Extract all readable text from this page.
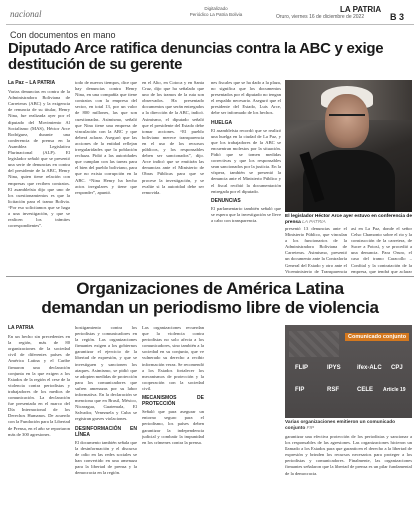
nacional
Digitalizado
Periódico La Patria Bolivia
LA PATRIA
Oruro, viernes 16 de diciembre de 2022	B 3
Con documentos en mano
Diputado Arce ratifica denuncias contra la ABC y exige destitución de su gerente
La Paz – LA PATRIA

Varias denuncias en contra de la Administradora Boliviana de Carreteras (ABC) y la exigencia de renuncia de su titular, Henry Nina, fue realizada ayer por el diputado del Movimiento Al Socialismo (MAS), Héctor Arce Rodríguez, durante una conferencia de prensa en la Asamblea Legislativa Plurinacional (ALP). El legislador señaló que se presentó una serie de denuncias en contra del presidente de la ABC, Henry Nina, quien tiene relación con empresas que reciben contratos. El asambleísta dijo que uno de los cuestionamientos es que la licitación para el tramo Bolivia. “Por eso solicitamos que se haga a una investigación, y que se realicen los trámites correspondientes”.

todo de nuevos tiempos, dice que hay denuncias contra Henry Nina, en una compañía que tiene contratos con la empresa del sector, en total 13, por un valor de 800 millones, las que son cuestionadas. Asimismo, señaló que Nina tiene una empresa de vinculación con la ABC y que deberá aclarar. Aseguró que las acciones de la entidad reflejan irregularidades que la población rechaza. Pidió a las autoridades que cumplan con las tareas para el bien del pueblo boliviano, para que no exista corrupción en la ABC. “Nina Henry ha hecho actos irregulares y tiene que responder”, apuntó.

en el Alto, en Cotoca y en Santa Cruz, dijo que ha señalado que uno de los tramos de la ruta son observados. Ha presentado documentos que serán entregados a la dirección de la ABC, indicó. Asimismo, el diputado señaló que el presidente del Estado debe tomar acciones. “El pueblo boliviano merece transparencia en el uso de los recursos públicos, y los responsables deben ser sancionados”, dijo. Arce indicó que se emitirán las denuncias ante el Ministerio de Obras Públicas para que se procese la investigación, y se evalúe si la autoridad debe ser removida.

nes fiscales que se ha dado a la plaza, no significa que los documentos presentados por el diputado no tengan el respaldo necesario. Aseguró que el presidente del Estado, Luis Arce, debe ser informado de los hechos.

HUELGA

El asambleísta recordó que se realizó una huelga en la ciudad de La Paz, y que los trabajadores de la ABC se encuentran molestos por la situación. Pidió que se tomen medidas correctivas y que los responsables sean sancionados por la justicia. En la víspera, también se presentó la denuncia ante el Ministerio Público y el fiscal recibió la documentación entregada por el diputado.

DENUNCIAS

El parlamentario también señaló que se espera que la investigación se lleve a cabo con transparencia.

El legislador Héctor Arce ayer estuvo en conferencia de prensa LA PATRIA

presentó 13 denuncias ante el Ministerio Público, que vinculan a los funcionarios de la Administradora Boliviana de Carreteras. Asimismo, presentó un documento ante la Contraloría General del Estado y otro ante el Viceministerio de Transparencia

así en La Paz, donde el señor Celso Chamonto sobre el rio y la construcción de la carretera, de Sucre a Potosí, y se procedió a una denuncia. Para Oruro, el caso del tramo Caracollo – Confital y la contratación de la empresa, que tendrá que aclarar

Organizaciones de América Latina
demandan un periodismo libre de violencia
LA PATRIA

En un hecho sin precedentes en la región, más de 80 organizaciones de la sociedad civil de diferentes países de América Latina y el Caribe firmaron una declaración conjunta en la que exigen a los Estados de la región el cese de la violencia contra periodistas y trabajadores de los medios de comunicación. La declaración fue presentada en el marco del Día Internacional de los Derechos Humanos. De acuerdo con la Fundación para la Libertad de Prensa, en el año se reportaron más de 300 agresiones.

hostigamiento contra los periodistas y comunicadores en la región. Las organizaciones firmantes exigen a los gobiernos garantizar el ejercicio de la libertad de expresión, y que se investiguen y sancionen los ataques. Asimismo, se pidió que se adopten medidas de protección para los comunicadores que sufren amenazas por su labor informativa. En la declaración se menciona que en Brasil, México, Nicaragua, Guatemala, El Salvador, Venezuela y Cuba se registran graves violaciones.

DESINFORMACIÓN EN LÍNEA

El documento también señala que la desinformación y el discurso de odio en las redes sociales se han convertido en una amenaza para la libertad de prensa y la democracia en la región.

Las organizaciones recuerdan que la violencia contra periodistas no solo afecta a los comunicadores, sino también a la sociedad en su conjunto, que ve vulnerado su derecho a recibir información veraz. Se recomendó a los Estados fortalecer los mecanismos de protección y la cooperación con la sociedad civil.

MECANISMOS DE PROTECCIÓN

Señaló que para asegurar un entorno seguro para el periodismo, los países deben garantizar la independencia judicial y combatir la impunidad en los crímenes contra la prensa.

Comunicado conjunto
FLIP	IPYS	ifex-ALC CPJ
FIP	RSF	CELE Article 19
Varias organizaciones emitieron un comunicado conjunto FIP

garantizar una efectiva protección de los periodistas y sancionar a los responsables de las agresiones. Las organizaciones hicieron un llamado a los Estados para que garanticen el derecho a la libertad de expresión y brinden los recursos necesarios para proteger a los periodistas y comunicadores. Finalmente, las organizaciones firmantes señalaron que la libertad de prensa es un pilar fundamental de la democracia.
